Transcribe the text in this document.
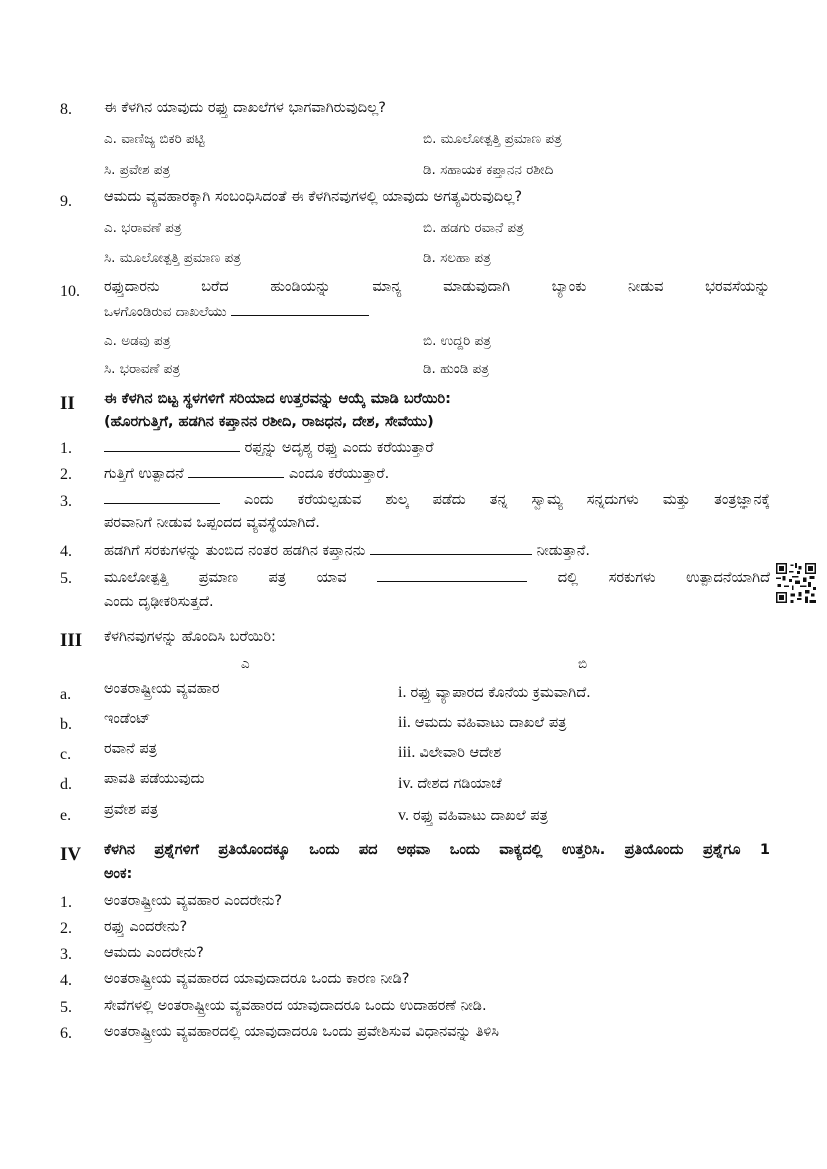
8. ಈ ಕೆಳಗಿನ ಯಾವುದು ರಫ್ತು ದಾಖಲೆಗಳ ಭಾಗವಾಗಿರುವುದಿಲ್ಲ?
ಎ. ವಾಣಿಜ್ಯ ಬಿಕರಿ ಪಟ್ಟಿ	ಬಿ. ಮೂಲೋತ್ಪತ್ತಿ ಪ್ರಮಾಣ ಪತ್ರ
ಸಿ. ಪ್ರವೇಶ ಪತ್ರ	ಡಿ. ಸಹಾಯಕ ಕಪ್ತಾನನ ರಶೀದಿ
9. ಆಮದು ವ್ಯವಹಾರಕ್ಕಾಗಿ ಸಂಬಂಧಿಸಿದಂತೆ ಈ ಕೆಳಗಿನವುಗಳಲ್ಲಿ ಯಾವುದು ಅಗತ್ಯವಿರುವುದಿಲ್ಲ?
ಎ. ಭರಾವಣೆ ಪತ್ರ	ಬಿ. ಹಡಗು ರವಾನೆ ಪತ್ರ
ಸಿ. ಮೂಲೋತ್ಪತ್ತಿ ಪ್ರಮಾಣ ಪತ್ರ	ಡಿ. ಸಲಹಾ ಪತ್ರ
10. ರಫ್ತುದಾರನು ಬರೆದ ಹುಂಡಿಯನ್ನು ಮಾನ್ಯ ಮಾಡುವುದಾಗಿ ಬ್ಯಾಂಕು ನೀಡುವ ಭರವಸೆಯನ್ನು
ಒಳಗೊಂಡಿರುವ ದಾಖಲೆಯು
ಎ. ಅಡವು ಪತ್ರ	ಬಿ. ಉದ್ದರಿ ಪತ್ರ
ಸಿ. ಭರಾವಣೆ ಪತ್ರ	ಡಿ. ಹುಂಡಿ ಪತ್ರ
II ಈ ಕೆಳಗಿನ ಬಿಟ್ಟ ಸ್ಥಳಗಳಿಗೆ ಸರಿಯಾದ ಉತ್ತರವನ್ನು ಆಯ್ಕೆ ಮಾಡಿ ಬರೆಯಿರಿ:
(ಹೊರಗುತ್ತಿಗೆ, ಹಡಗಿನ ಕಪ್ತಾನನ ರಶೀದಿ, ರಾಜಧನ, ದೇಶ, ಸೇವೆಯು)
1.	ರಫ್ತನ್ನು ಅದೃಶ್ಯ ರಫ್ತು ಎಂದು ಕರೆಯುತ್ತಾರೆ
2. ಗುತ್ತಿಗೆ ಉತ್ಪಾದನೆ	ಎಂದೂ ಕರೆಯುತ್ತಾರೆ.
3.	ಎಂದು ಕರೆಯಲ್ಪಡುವ ಶುಲ್ಕ ಪಡೆದು ತನ್ನ ಸ್ವಾಮ್ಯ ಸನ್ನದುಗಳು ಮತ್ತು ತಂತ್ರಜ್ಞಾನಕ್ಕೆ
ಪರವಾನಿಗೆ ನೀಡುವ ಒಪ್ಪಂದದ ವ್ಯವಸ್ಥೆಯಾಗಿದೆ.
4. ಹಡಗಿಗೆ ಸರಕುಗಳನ್ನು ತುಂಬಿದ ನಂತರ ಹಡಗಿನ ಕಪ್ತಾನನು	ನೀಡುತ್ತಾನೆ.
5. ಮೂಲೋತ್ಪತ್ತಿ ಪ್ರಮಾಣ ಪತ್ರ ಯಾವ	ದಲ್ಲಿ ಸರಕುಗಳು ಉತ್ಪಾದನೆಯಾಗಿದೆ
ಎಂದು ದೃಢೀಕರಿಸುತ್ತದೆ.
III ಕೆಳಗಿನವುಗಳನ್ನು ಹೊಂದಿಸಿ ಬರೆಯಿರಿ:
ಎ	ಬಿ
a. ಅಂತರಾಷ್ಟ್ರೀಯ ವ್ಯವಹಾರ	i. ರಫ್ತು ವ್ಯಾಪಾರದ ಕೊನೆಯ ಕ್ರಮವಾಗಿದೆ.
b. ಇಂಡೆಂಟ್	ii. ಆಮದು ವಹಿವಾಟು ದಾಖಲೆ ಪತ್ರ
c. ರವಾನೆ ಪತ್ರ	iii. ವಿಲೇವಾರಿ ಆದೇಶ
d. ಪಾವತಿ ಪಡೆಯುವುದು	iv. ದೇಶದ ಗಡಿಯಾಚೆ
e. ಪ್ರವೇಶ ಪತ್ರ	v. ರಫ್ತು ವಹಿವಾಟು ದಾಖಲೆ ಪತ್ರ
IV ಕೆಳಗಿನ ಪ್ರಶ್ನೆಗಳಿಗೆ ಪ್ರತಿಯೊಂದಕ್ಕೂ ಒಂದು ಪದ ಅಥವಾ ಒಂದು ವಾಕ್ಯದಲ್ಲಿ ಉತ್ತರಿಸಿ. ಪ್ರತಿಯೊಂದು ಪ್ರಶ್ನೆಗೂ 1
ಅಂಕ:
1. ಅಂತರಾಷ್ಟ್ರೀಯ ವ್ಯವಹಾರ ಎಂದರೇನು?
2. ರಫ್ತು ಎಂದರೇನು?
3. ಆಮದು ಎಂದರೇನು?
4. ಅಂತರಾಷ್ಟ್ರೀಯ ವ್ಯವಹಾರದ ಯಾವುದಾದರೂ ಒಂದು ಕಾರಣ ನೀಡಿ?
5. ಸೇವೆಗಳಲ್ಲಿ ಅಂತರಾಷ್ಟ್ರೀಯ ವ್ಯವಹಾರದ ಯಾವುದಾದರೂ ಒಂದು ಉದಾಹರಣೆ ನೀಡಿ.
6. ಅಂತರಾಷ್ಟ್ರೀಯ ವ್ಯವಹಾರದಲ್ಲಿ ಯಾವುದಾದರೂ ಒಂದು ಪ್ರವೇಶಿಸುವ ವಿಧಾನವನ್ನು ತಿಳಿಸಿ
